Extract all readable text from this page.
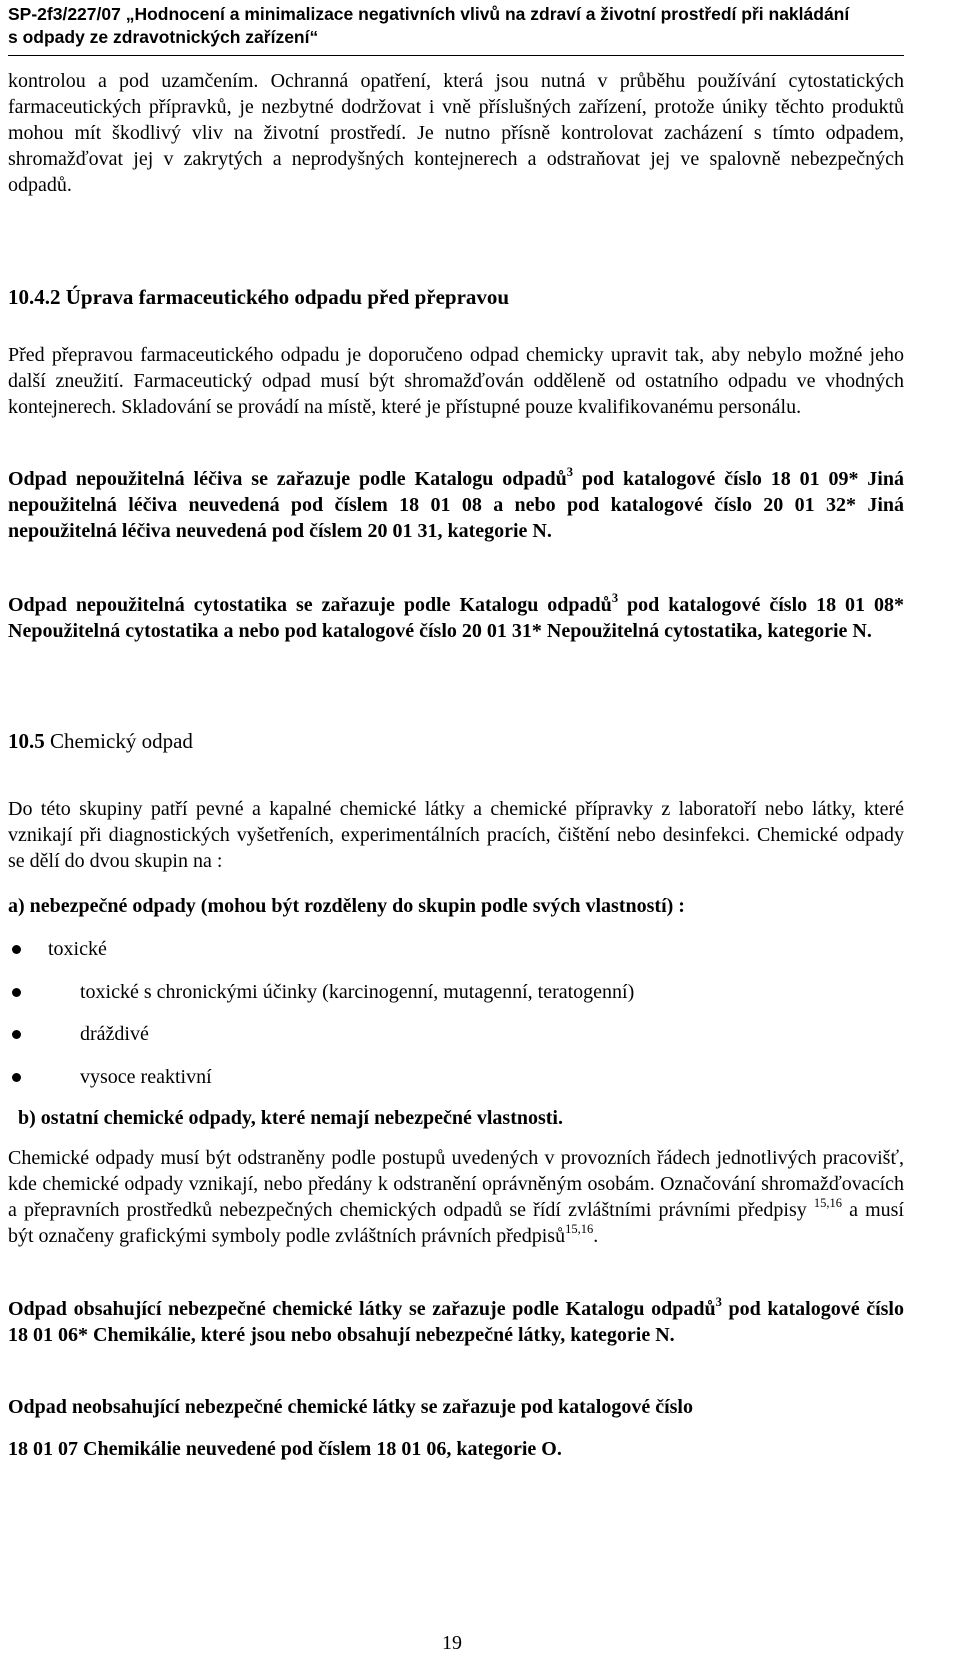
SP-2f3/227/07 „Hodnocení a minimalizace negativních vlivů na zdraví a životní prostředí při nakládání
s odpady ze zdravotnických zařízení“

kontrolou a pod uzamčením. Ochranná opatření, která jsou nutná v průběhu používání cytostatických farmaceutických přípravků, je nezbytné dodržovat i vně příslušných zařízení, protože úniky těchto produktů mohou mít škodlivý vliv na životní prostředí. Je nutno přísně kontrolovat zacházení s tímto odpadem, shromažďovat jej v zakrytých a neprodyšných kontejnerech a odstraňovat jej ve spalovně nebezpečných odpadů.

10.4.2 Úprava farmaceutického odpadu před přepravou

Před přepravou farmaceutického odpadu je doporučeno odpad chemicky upravit tak, aby nebylo možné jeho další zneužití. Farmaceutický odpad musí být shromažďován odděleně od ostatního odpadu ve vhodných kontejnerech. Skladování se provádí na místě, které je přístupné pouze kvalifikovanému personálu.

Odpad nepoužitelná léčiva se zařazuje podle Katalogu odpadů$^3$ pod katalogové číslo 18 01 09* Jiná nepoužitelná léčiva neuvedená pod číslem 18 01 08 a nebo pod katalogové číslo 20 01 32* Jiná nepoužitelná léčiva neuvedená pod číslem 20 01 31, kategorie N.

Odpad nepoužitelná cytostatika se zařazuje podle Katalogu odpadů$^3$ pod katalogové číslo 18 01 08* Nepoužitelná cytostatika a nebo pod katalogové číslo 20 01 31* Nepoužitelná cytostatika, kategorie N.

10.5 Chemický odpad

Do této skupiny patří pevné a kapalné chemické látky a chemické přípravky z laboratoří nebo látky, které vznikají při diagnostických vyšetřeních, experimentálních pracích, čištění nebo desinfekci. Chemické odpady se dělí do dvou skupin na :

a) nebezpečné odpady (mohou být rozděleny do skupin podle svých vlastností) :

toxické
toxické s chronickými účinky (karcinogenní, mutagenní, teratogenní)
dráždivé
vysoce reaktivní

b) ostatní chemické odpady, které nemají nebezpečné vlastnosti.

Chemické odpady musí být odstraněny podle postupů uvedených v provozních řádech jednotlivých pracovišť, kde chemické odpady vznikají, nebo předány k odstranění oprávněným osobám. Označování shromažďovacích a přepravních prostředků nebezpečných chemických odpadů se řídí zvláštními právními předpisy $^{15,16}$ a musí být označeny grafickými symboly podle zvláštních právních předpisů$^{15,16}$.

Odpad obsahující nebezpečné chemické látky se zařazuje podle Katalogu odpadů$^3$ pod katalogové číslo 18 01 06* Chemikálie, které jsou nebo obsahují nebezpečné látky, kategorie N.

Odpad neobsahující nebezpečné chemické látky se zařazuje pod katalogové číslo

18 01 07 Chemikálie neuvedené pod číslem 18 01 06, kategorie O.

19
